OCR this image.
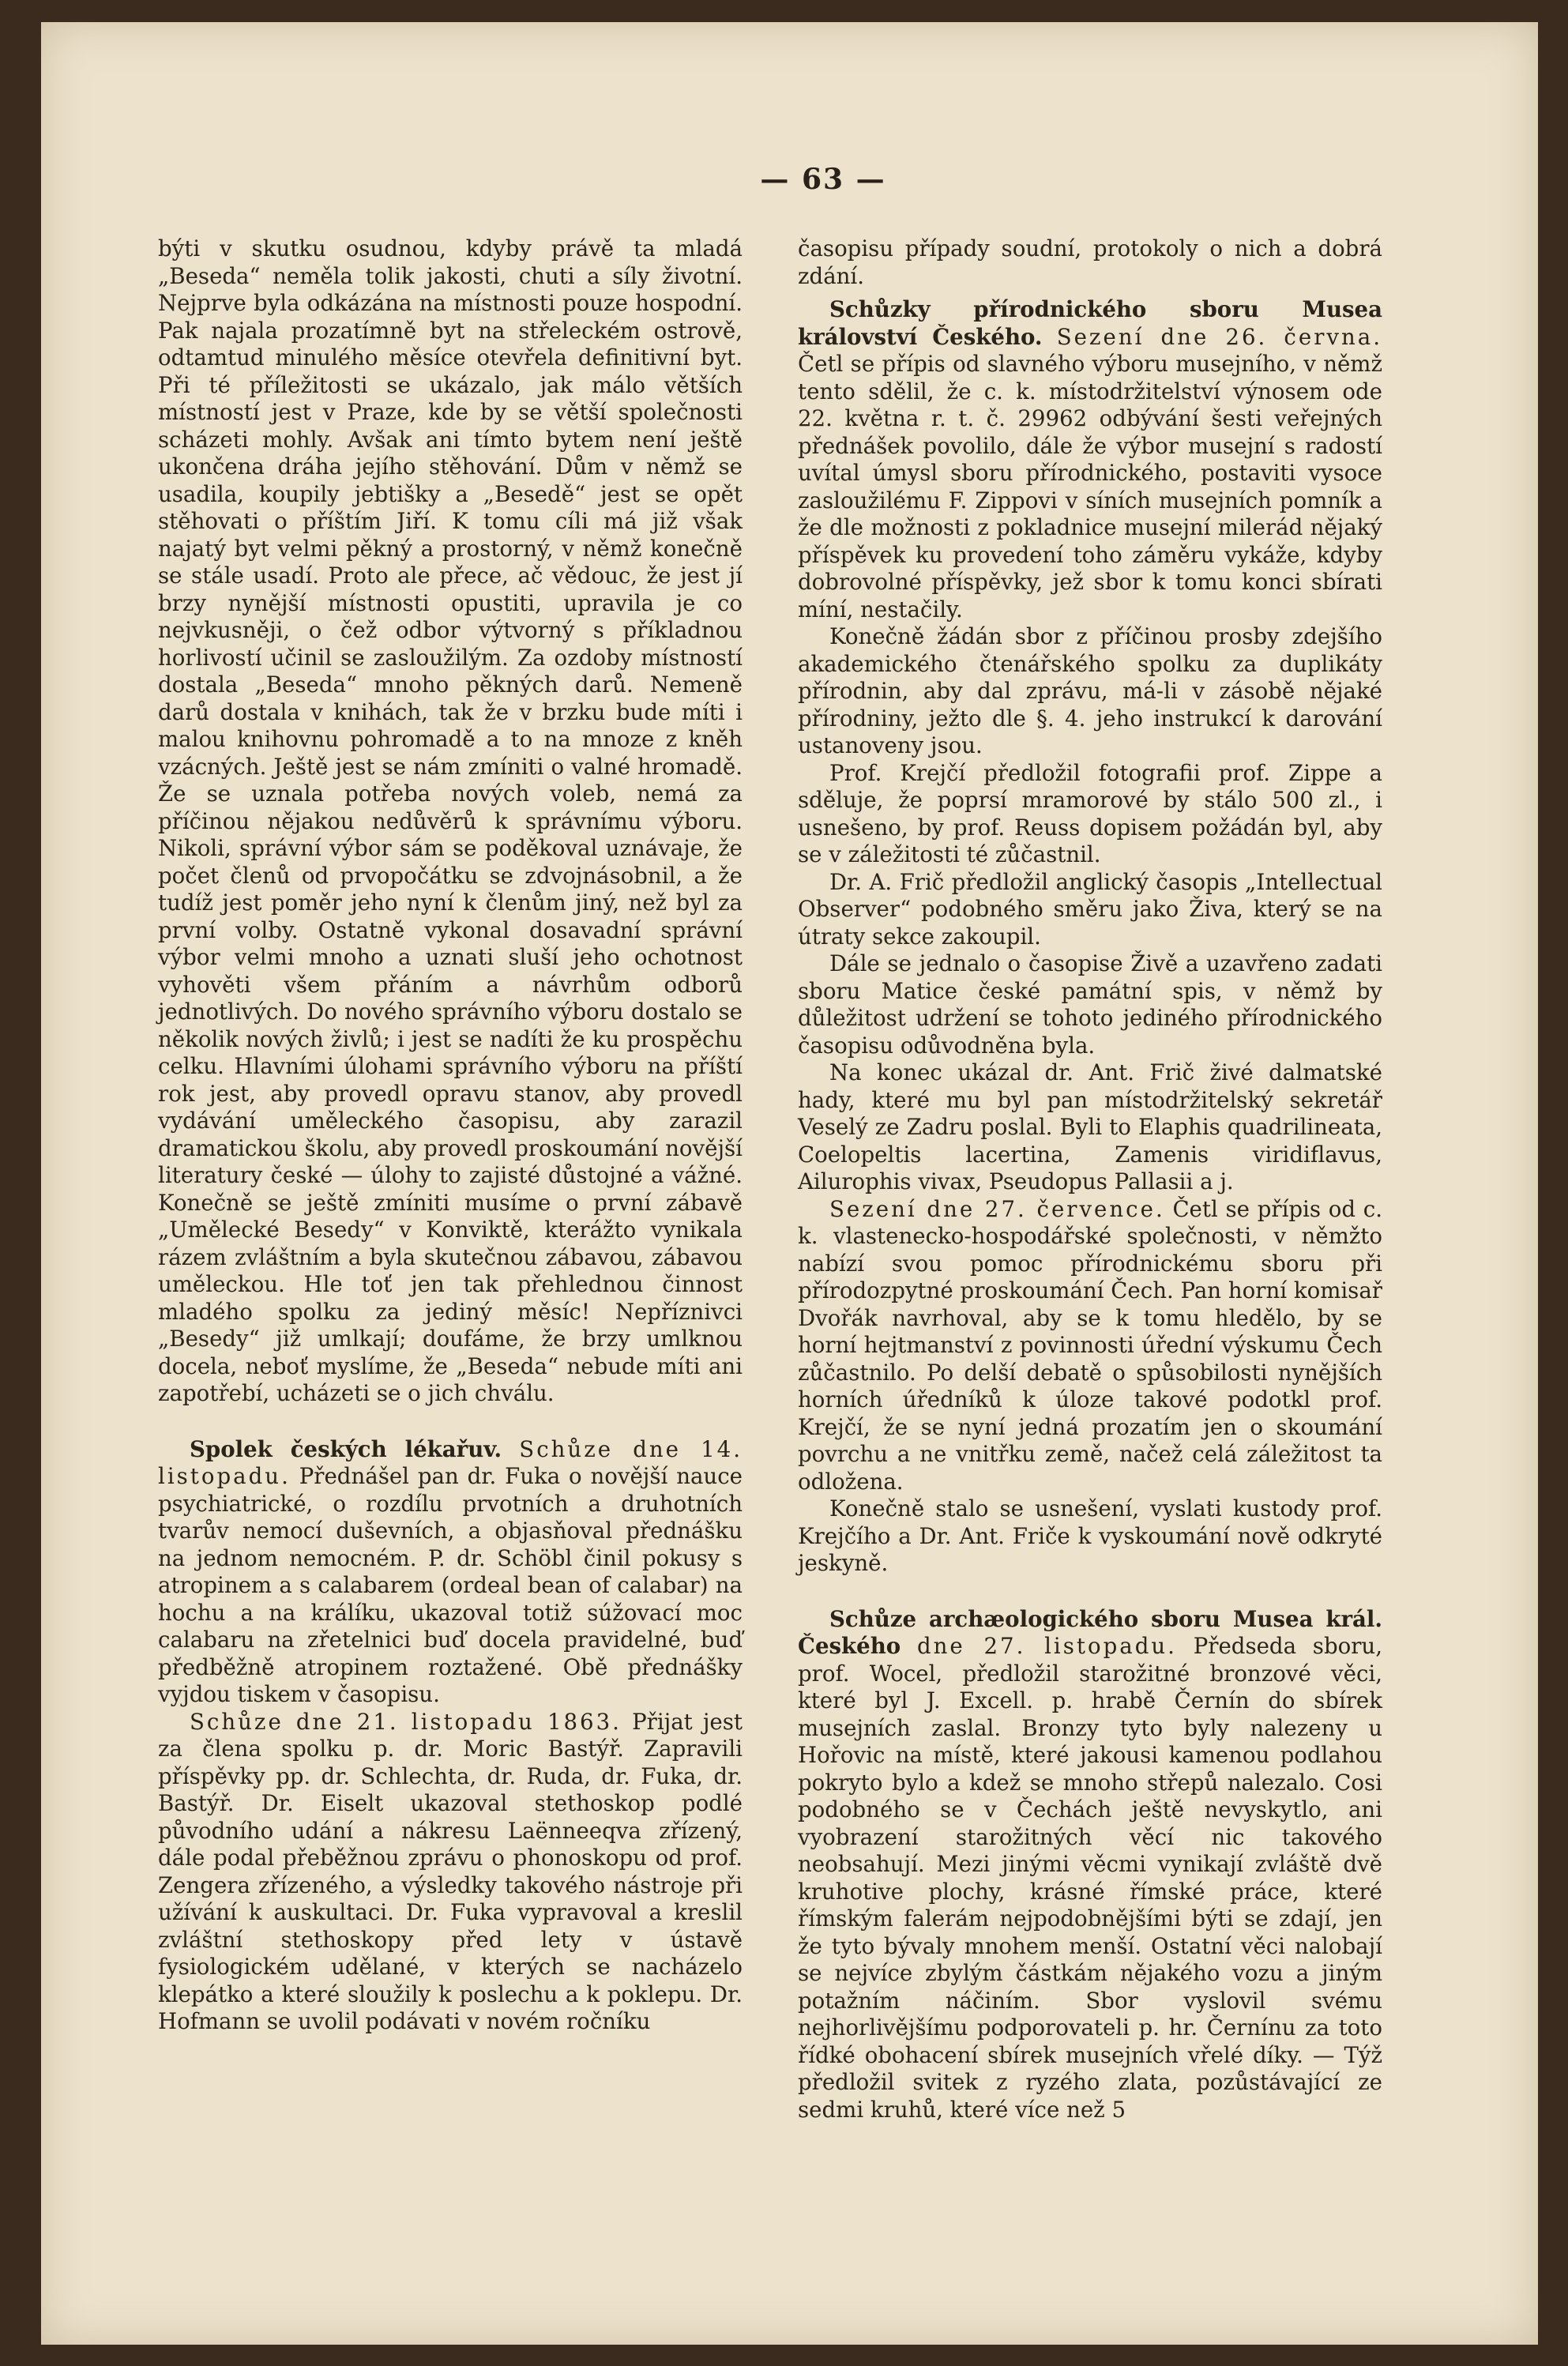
— 63 —

býti v skutku osudnou, kdyby právě ta mladá „Beseda“ neměla tolik jakosti, chuti a síly životní. Nejprve byla odkázána na místnosti pouze hospodní. Pak najala prozatímně byt na střeleckém ostrově, odtamtud minulého měsíce otevřela definitivní byt. Při té příležitosti se ukázalo, jak málo větších místností jest v Praze, kde by se větší společnosti scházeti mohly. Avšak ani tímto bytem není ještě ukončena dráha jejího stěhování. Dům v němž se usadila, koupily jebtišky a „Besedě“ jest se opět stěhovati o příštím Jiří. K tomu cíli má již však najatý byt velmi pěkný a prostorný, v němž konečně se stále usadí. Proto ale přece, ač vědouc, že jest jí brzy nynější místnosti opustiti, upravila je co nejvkusněji, o čež odbor výtvorný s příkladnou horlivostí učinil se zasloužilým. Za ozdoby místností dostala „Beseda“ mnoho pěkných darů. Nemeně darů dostala v knihách, tak že v brzku bude míti i malou knihovnu pohromadě a to na mnoze z kněh vzácných. Ještě jest se nám zmíniti o valné hromadě. Že se uznala potřeba nových voleb, nemá za příčinou nějakou nedůvěrů k správnímu výboru. Nikoli, správní výbor sám se poděkoval uznávaje, že počet členů od prvopočátku se zdvojnásobnil, a že tudíž jest poměr jeho nyní k členům jiný, než byl za první volby. Ostatně vykonal dosavadní správní výbor velmi mnoho a uznati sluší jeho ochotnost vyhověti všem přáním a návrhům odborů jednotlivých. Do nového správního výboru dostalo se několik nových živlů; i jest se nadíti že ku prospěchu celku. Hlavními úlohami správního výboru na příští rok jest, aby provedl opravu stanov, aby provedl vydávání uměleckého časopisu, aby zarazil dramatickou školu, aby provedl proskoumání novější literatury české — úlohy to zajisté důstojné a vážné. Konečně se ještě zmíniti musíme o první zábavě „Umělecké Besedy“ v Konviktě, kterážto vynikala rázem zvláštním a byla skutečnou zábavou, zábavou uměleckou. Hle toť jen tak přehlednou činnost mladého spolku za jediný měsíc! Nepříznivci „Besedy“ již umlkají; doufáme, že brzy umlknou docela, neboť myslíme, že „Beseda“ nebude míti ani zapotřebí, ucházeti se o jich chválu.

Spolek českých lékařuv. Schůze dne 14. listopadu. Přednášel pan dr. Fuka o novější nauce psychiatrické, o rozdílu prvotních a druhotních tvarův nemocí duševních, a objasňoval přednášku na jednom nemocném. P. dr. Schöbl činil pokusy s atropinem a s calabarem (ordeal bean of calabar) na hochu a na králíku, ukazoval totiž súžovací moc calabaru na zřetelnici buď docela pravidelné, buď předběžně atropinem roztažené. Obě přednášky vyjdou tiskem v časopisu.

Schůze dne 21. listopadu 1863. Přijat jest za člena spolku p. dr. Moric Bastýř. Zapravili příspěvky pp. dr. Schlechta, dr. Ruda, dr. Fuka, dr. Bastýř. Dr. Eiselt ukazoval stethoskop podlé původního udání a nákresu Laënneeqva zřízený, dále podal přeběžnou zprávu o phonoskopu od prof. Zengera zřízeného, a výsledky takového nástroje při užívání k auskultaci. Dr. Fuka vypravoval a kreslil zvláštní stethoskopy před lety v ústavě fysiologickém udělané, v kterých se nacházelo klepátko a které sloužily k poslechu a k poklepu. Dr. Hofmann se uvolil podávati v novém ročníku

časopisu případy soudní, protokoly o nich a dobrá zdání.

Schůzky přírodnického sboru Musea království Českého. Sezení dne 26. června. Četl se přípis od slavného výboru musejního, v němž tento sdělil, že c. k. místodržitelství výnosem ode 22. května r. t. č. 29962 odbývání šesti veřejných přednášek povolilo, dále že výbor musejní s radostí uvítal úmysl sboru přírodnického, postaviti vysoce zasloužilému F. Zippovi v síních musejních pomník a že dle možnosti z pokladnice musejní milerád nějaký příspěvek ku provedení toho záměru vykáže, kdyby dobrovolné příspěvky, jež sbor k tomu konci sbírati míní, nestačily.

Konečně žádán sbor z příčinou prosby zdejšího akademického čtenářského spolku za duplikáty přírodnin, aby dal zprávu, má-li v zásobě nějaké přírodniny, ježto dle §. 4. jeho instrukcí k darování ustanoveny jsou.

Prof. Krejčí předložil fotografii prof. Zippe a sděluje, že poprsí mramorové by stálo 500 zl., i usnešeno, by prof. Reuss dopisem požádán byl, aby se v záležitosti té zůčastnil.

Dr. A. Frič předložil anglický časopis „Intellectual Observer“ podobného směru jako Živa, který se na útraty sekce zakoupil.

Dále se jednalo o časopise Živě a uzavřeno zadati sboru Matice české památní spis, v němž by důležitost udržení se tohoto jediného přírodnického časopisu odůvodněna byla.

Na konec ukázal dr. Ant. Frič živé dalmatské hady, které mu byl pan místodržitelský sekretář Veselý ze Zadru poslal. Byli to Elaphis quadrilineata, Coelopeltis lacertina, Zamenis viridiflavus, Ailurophis vivax, Pseudopus Pallasii a j.

Sezení dne 27. července. Četl se přípis od c. k. vlastenecko-hospodářské společnosti, v němžto nabízí svou pomoc přírodnickému sboru při přírodozpytné proskoumání Čech. Pan horní komisař Dvořák navrhoval, aby se k tomu hledělo, by se horní hejtmanství z povinnosti úřední výskumu Čech zůčastnilo. Po delší debatě o spůsobilosti nynějších horních úředníků k úloze takové podotkl prof. Krejčí, že se nyní jedná prozatím jen o skoumání povrchu a ne vnitřku země, načež celá záležitost ta odložena.

Konečně stalo se usnešení, vyslati kustody prof. Krejčího a Dr. Ant. Friče k vyskoumání nově odkryté jeskyně.

Schůze archæologického sboru Musea král. Českého dne 27. listopadu. Předseda sboru, prof. Wocel, předložil starožitné bronzové věci, které byl J. Excell. p. hrabě Černín do sbírek musejních zaslal. Bronzy tyto byly nalezeny u Hořovic na místě, které jakousi kamenou podlahou pokryto bylo a kdež se mnoho střepů nalezalo. Cosi podobného se v Čechách ještě nevyskytlo, ani vyobrazení starožitných věcí nic takového neobsahují. Mezi jinými věcmi vynikají zvláště dvě kruhotive plochy, krásné římské práce, které římským falerám nejpodobnějšími býti se zdají, jen že tyto bývaly mnohem menší. Ostatní věci nalobají se nejvíce zbylým částkám nějakého vozu a jiným potažním náčiním. Sbor vyslovil svému nejhorlivějšímu podporovateli p. hr. Černínu za toto řídké obohacení sbírek musejních vřelé díky. — Týž předložil svitek z ryzého zlata, pozůstávající ze sedmi kruhů, které více než 5
